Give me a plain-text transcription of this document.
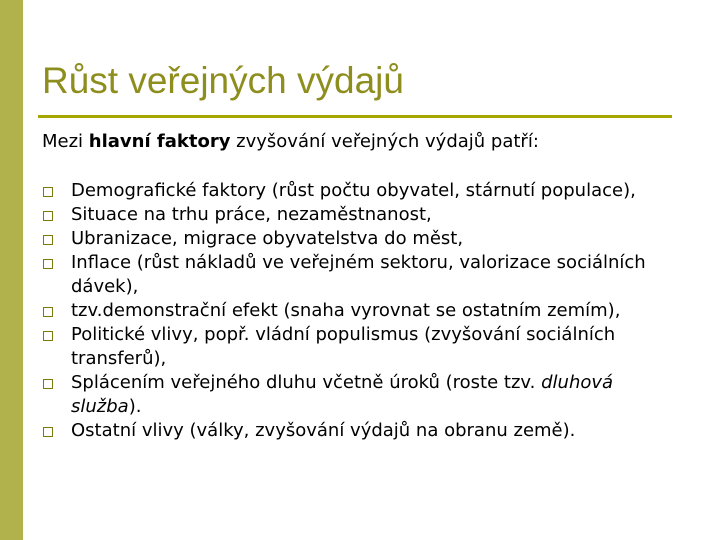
Růst veřejných výdajů
Mezi hlavní faktory zvyšování veřejných výdajů patří:
Demografické faktory (růst počtu obyvatel, stárnutí populace),
Situace na trhu práce, nezaměstnanost,
Ubranizace, migrace obyvatelstva do měst,
Inflace (růst nákladů ve veřejném sektoru, valorizace sociálních dávek),
tzv.demonstrační efekt (snaha vyrovnat se ostatním zemím),
Politické vlivy, popř. vládní populismus (zvyšování sociálních transferů),
Splácením veřejného dluhu včetně úroků (roste tzv. dluhová služba).
Ostatní vlivy (války, zvyšování výdajů na obranu země).
